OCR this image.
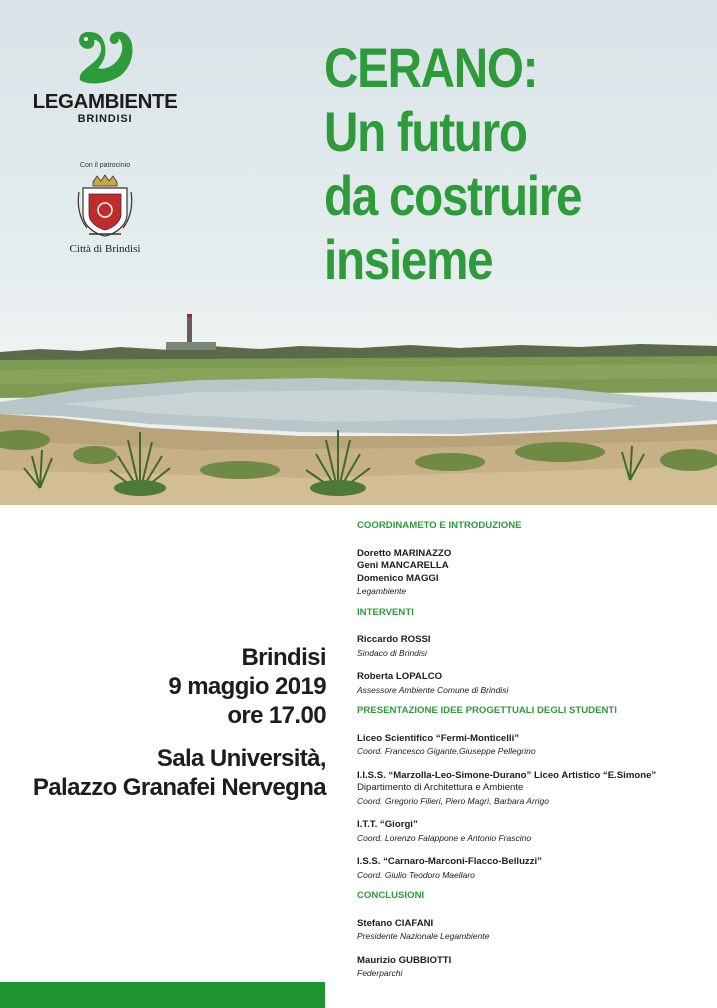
LEGAMBIENTE
BRINDISI
Con il patrocinio
Città di Brindisi
CERANO:
Un futuro
da costruire
insieme
Brindisi
9 maggio 2019
ore 17.00
Sala Università,
Palazzo Granafei Nervegna
COORDINAMETO E INTRODUZIONE
Doretto MARINAZZO
Geni MANCARELLA
Domenico MAGGI
Legambiente
INTERVENTI
Riccardo ROSSI
Sindaco di Brindisi
Roberta LOPALCO
Assessore Ambiente Comune di Brindisi
PRESENTAZIONE IDEE PROGETTUALI DEGLI STUDENTI
Liceo Scientifico “Fermi-Monticelli”
Coord. Francesco Gigante,Giuseppe Pellegrino
I.I.S.S. “Marzolla-Leo-Simone-Durano” Liceo Artistico “E.Simone”
Dipartimento di Architettura e Ambiente
Coord. Gregorio Filieri, Piero Magrì, Barbara Arrigo
I.T.T. “Giorgi”
Coord. Lorenzo Falappone e Antonio Frascino
I.S.S. “Carnaro-Marconi-Flacco-Belluzzi”
Coord. Giulio Teodoro Maellaro
CONCLUSIONI
Stefano CIAFANI
Presidente Nazionale Legambiente
Maurizio GUBBIOTTI
Federparchi
